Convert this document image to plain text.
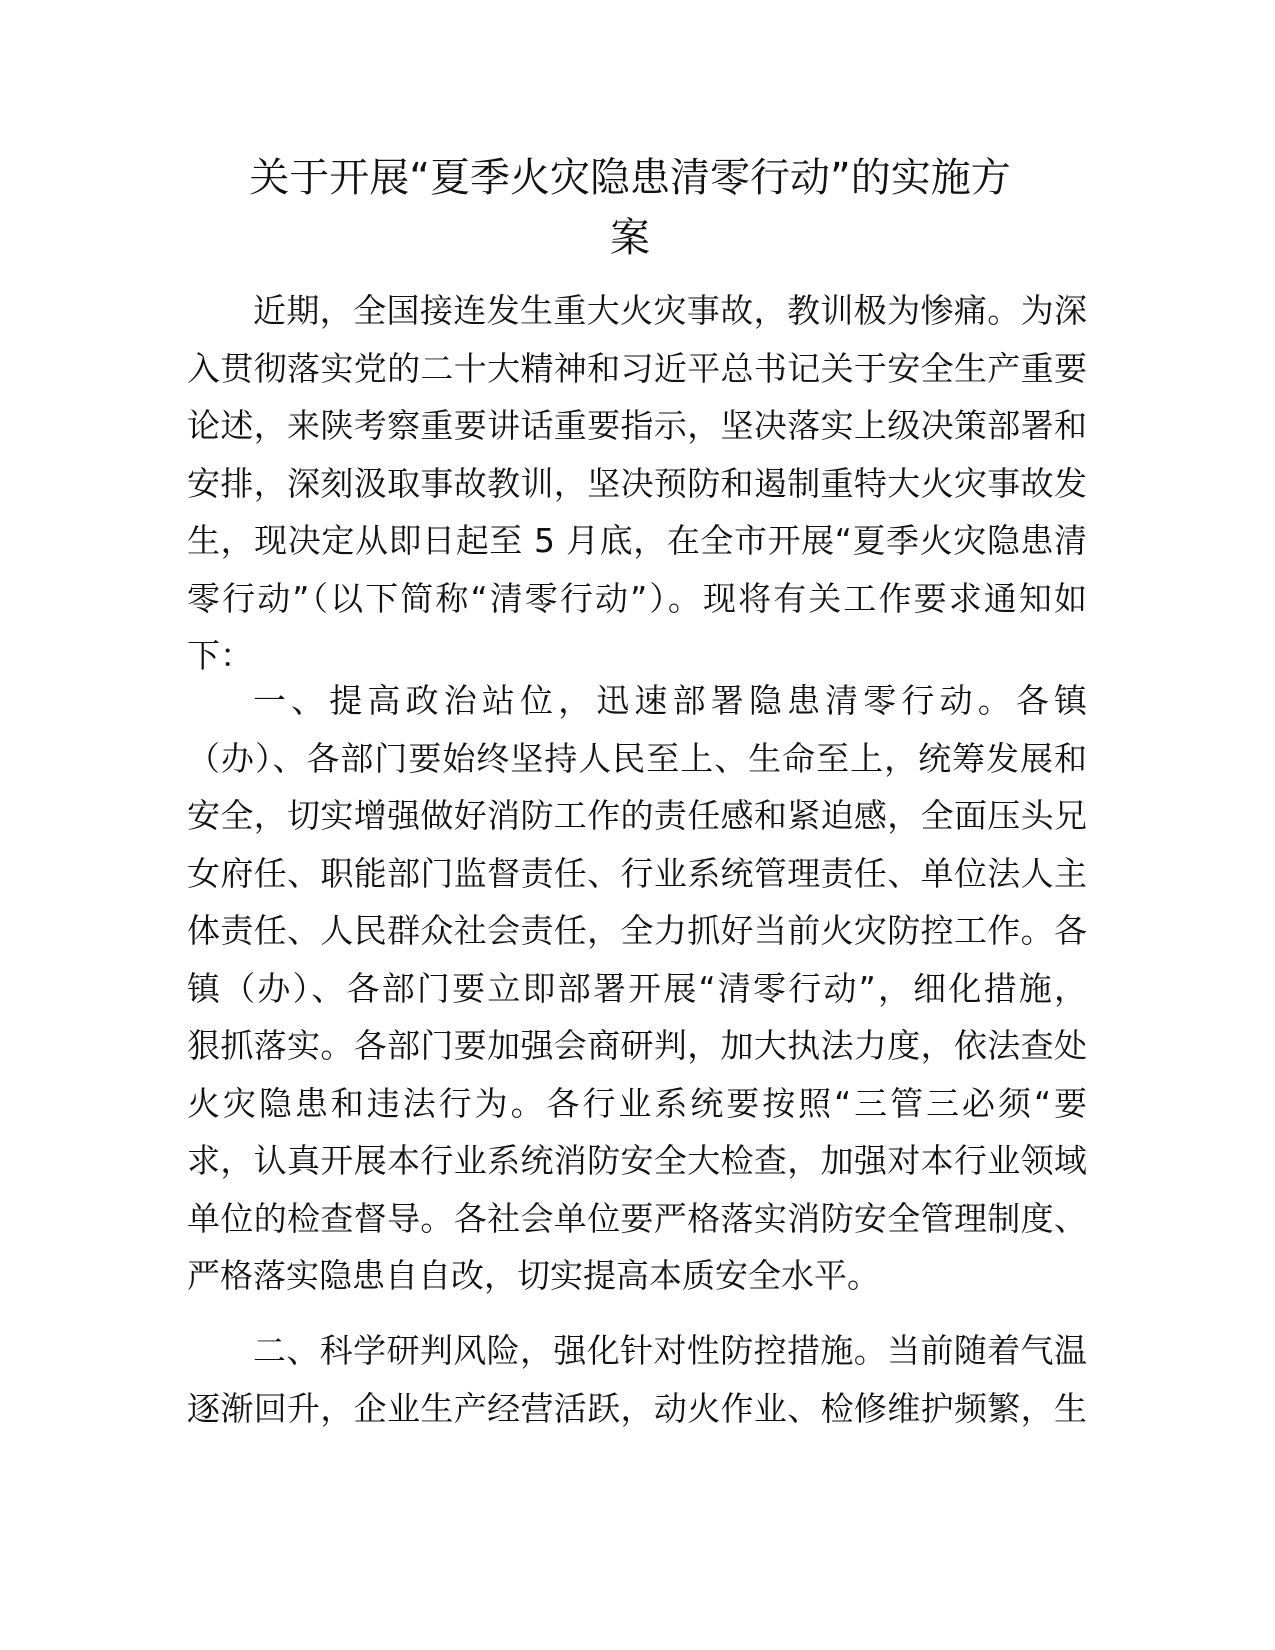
关于开展“夏季火灾隐患清零行动”的实施方
案
近期，全国接连发生重大火灾事故，教训极为惨痛。为深
入贯彻落实党的二十大精神和习近平总书记关于安全生产重要
论述，来陕考察重要讲话重要指示，坚决落实上级决策部署和
安排，深刻汲取事故教训，坚决预防和遏制重特大火灾事故发
生，现决定从即日起至 5 月底，在全市开展“夏季火灾隐患清
零行动”（以下简称“清零行动”）。现将有关工作要求通知如
下：
一、提高政治站位，迅速部署隐患清零行动。各镇
（办）、各部门要始终坚持人民至上、生命至上，统筹发展和
安全，切实增强做好消防工作的责任感和紧迫感，全面压头兄
女府任、职能部门监督责任、行业系统管理责任、单位法人主
体责任、人民群众社会责任，全力抓好当前火灾防控工作。各
镇（办）、各部门要立即部署开展“清零行动”，细化措施，
狠抓落实。各部门要加强会商研判，加大执法力度，依法查处
火灾隐患和违法行为。各行业系统要按照“三管三必须“要
求，认真开展本行业系统消防安全大检查，加强对本行业领域
单位的检查督导。各社会单位要严格落实消防安全管理制度、
严格落实隐患自自改，切实提高本质安全水平。
二、科学研判风险，强化针对性防控措施。当前随着气温
逐渐回升，企业生产经营活跃，动火作业、检修维护频繁，生
